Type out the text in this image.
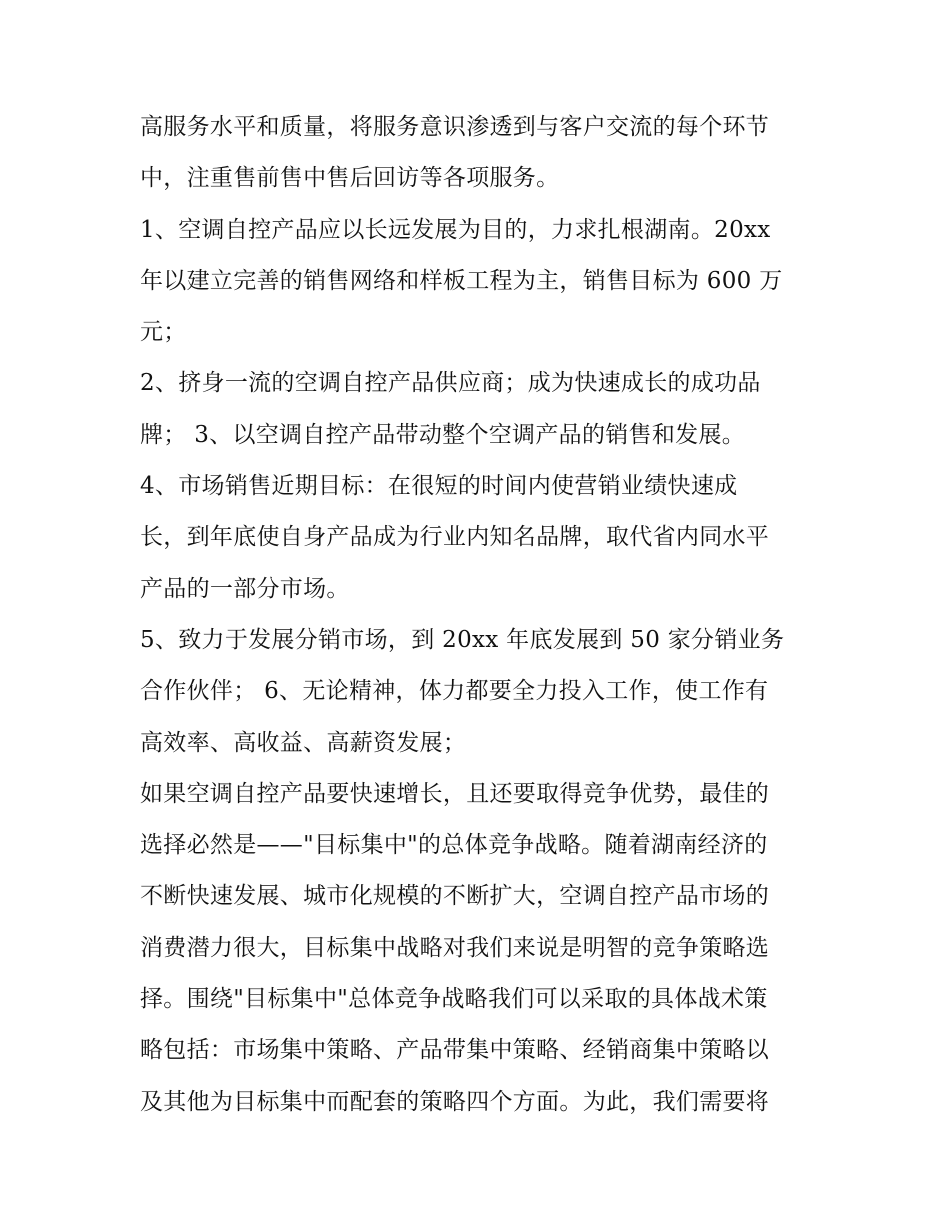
高服务水平和质量，将服务意识渗透到与客户交流的每个环节
中，注重售前售中售后回访等各项服务。
1、空调自控产品应以长远发展为目的，力求扎根湖南。20xx
年以建立完善的销售网络和样板工程为主，销售目标为 600 万
元；
2、挤身一流的空调自控产品供应商；成为快速成长的成功品
牌； 3、以空调自控产品带动整个空调产品的销售和发展。
4、市场销售近期目标：在很短的时间内使营销业绩快速成
长，到年底使自身产品成为行业内知名品牌，取代省内同水平
产品的一部分市场。
5、致力于发展分销市场，到 20xx 年底发展到 50 家分销业务
合作伙伴； 6、无论精神，体力都要全力投入工作，使工作有
高效率、高收益、高薪资发展；
如果空调自控产品要快速增长，且还要取得竞争优势，最佳的
选择必然是——"目标集中"的总体竞争战略。随着湖南经济的
不断快速发展、城市化规模的不断扩大，空调自控产品市场的
消费潜力很大，目标集中战略对我们来说是明智的竞争策略选
择。围绕"目标集中"总体竞争战略我们可以采取的具体战术策
略包括：市场集中策略、产品带集中策略、经销商集中策略以
及其他为目标集中而配套的策略四个方面。为此，我们需要将
